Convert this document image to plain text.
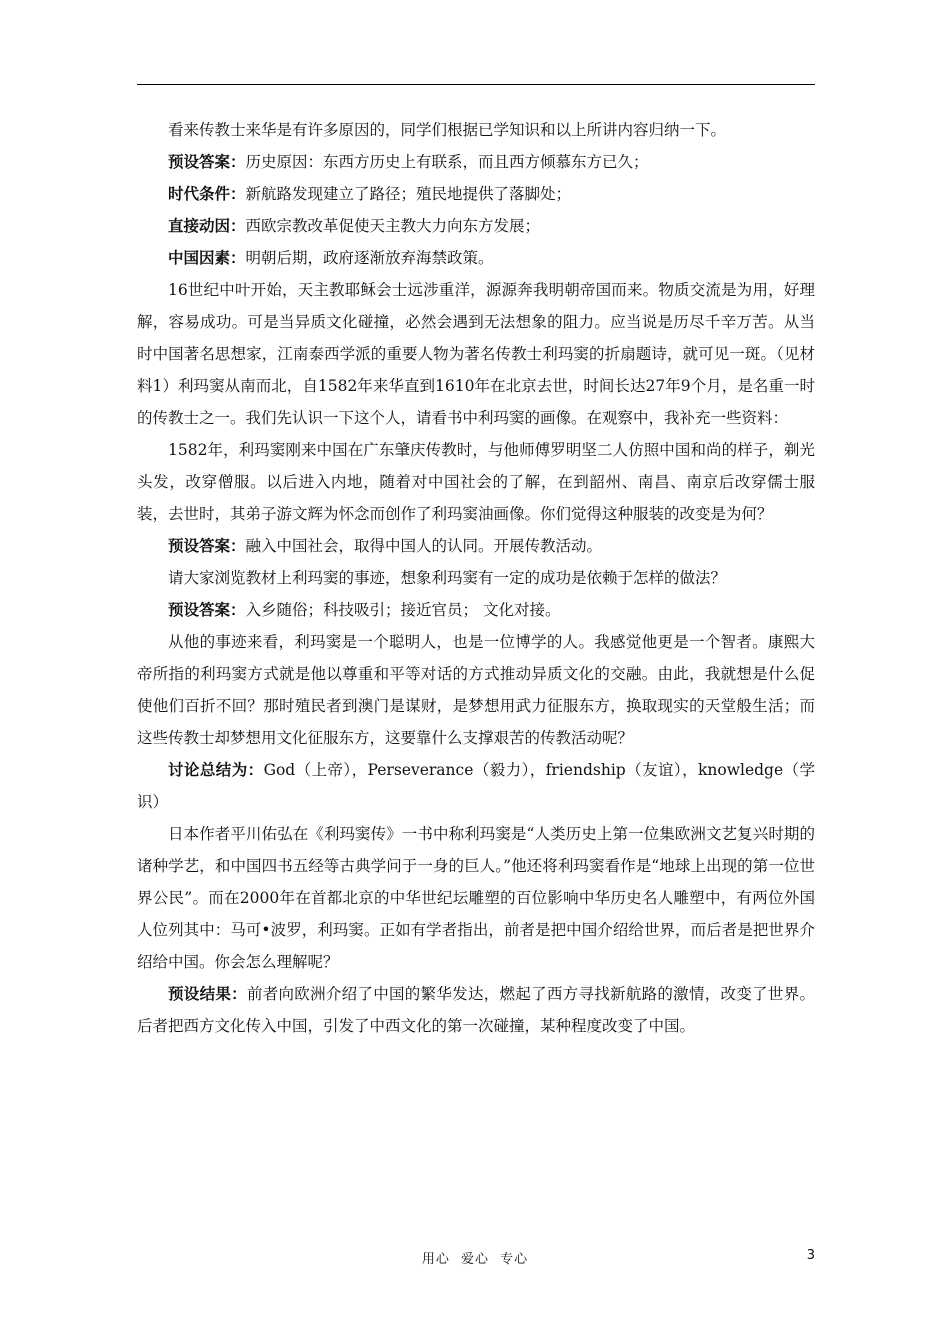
看来传教士来华是有许多原因的，同学们根据已学知识和以上所讲内容归纳一下。

预设答案：历史原因：东西方历史上有联系，而且西方倾慕东方已久；

时代条件：新航路发现建立了路径；殖民地提供了落脚处；

直接动因：西欧宗教改革促使天主教大力向东方发展；

中国因素：明朝后期，政府逐渐放弃海禁政策。

16世纪中叶开始，天主教耶稣会士远涉重洋，源源奔我明朝帝国而来。物质交流是为用，好理解，容易成功。可是当异质文化碰撞，必然会遇到无法想象的阻力。应当说是历尽千辛万苦。从当时中国著名思想家，江南泰西学派的重要人物为著名传教士利玛窦的折扇题诗，就可见一斑。（见材料1）利玛窦从南而北，自1582年来华直到1610年在北京去世，时间长达27年9个月，是名重一时的传教士之一。我们先认识一下这个人，请看书中利玛窦的画像。在观察中，我补充一些资料：

1582年，利玛窦刚来中国在广东肇庆传教时，与他师傅罗明坚二人仿照中国和尚的样子，剃光头发，改穿僧服。以后进入内地，随着对中国社会的了解，在到韶州、南昌、南京后改穿儒士服装，去世时，其弟子游文辉为怀念而创作了利玛窦油画像。你们觉得这种服装的改变是为何？

预设答案：融入中国社会，取得中国人的认同。开展传教活动。

请大家浏览教材上利玛窦的事迹，想象利玛窦有一定的成功是依赖于怎样的做法？

预设答案：入乡随俗；科技吸引；接近官员； 文化对接。

从他的事迹来看，利玛窦是一个聪明人，也是一位博学的人。我感觉他更是一个智者。康熙大帝所指的利玛窦方式就是他以尊重和平等对话的方式推动异质文化的交融。由此，我就想是什么促使他们百折不回？那时殖民者到澳门是谋财，是梦想用武力征服东方，换取现实的天堂般生活；而这些传教士却梦想用文化征服东方，这要靠什么支撑艰苦的传教活动呢？

讨论总结为：God（上帝），Perseverance（毅力），friendship（友谊），knowledge（学识）

日本作者平川佑弘在《利玛窦传》一书中称利玛窦是“人类历史上第一位集欧洲文艺复兴时期的诸种学艺，和中国四书五经等古典学问于一身的巨人。”他还将利玛窦看作是“地球上出现的第一位世界公民”。而在2000年在首都北京的中华世纪坛雕塑的百位影响中华历史名人雕塑中，有两位外国人位列其中：马可•波罗，利玛窦。正如有学者指出，前者是把中国介绍给世界，而后者是把世界介绍给中国。你会怎么理解呢？

预设结果：前者向欧洲介绍了中国的繁华发达，燃起了西方寻找新航路的激情，改变了世界。后者把西方文化传入中国，引发了中西文化的第一次碰撞，某种程度改变了中国。

用心 爱心 专心	3
